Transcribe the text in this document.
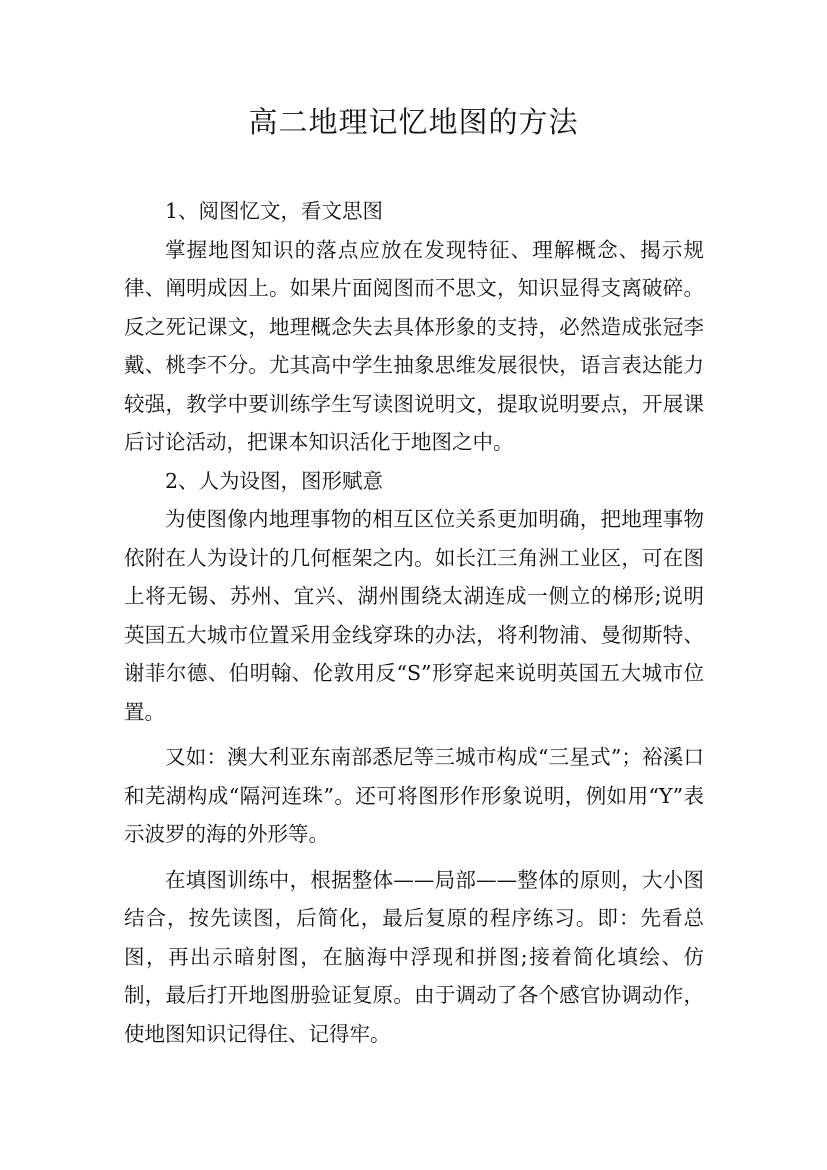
高二地理记忆地图的方法

1、阅图忆文，看文思图

掌握地图知识的落点应放在发现特征、理解概念、揭示规律、阐明成因上。如果片面阅图而不思文，知识显得支离破碎。反之死记课文，地理概念失去具体形象的支持，必然造成张冠李戴、桃李不分。尤其高中学生抽象思维发展很快，语言表达能力较强，教学中要训练学生写读图说明文，提取说明要点，开展课后讨论活动，把课本知识活化于地图之中。

2、人为设图，图形赋意

为使图像内地理事物的相互区位关系更加明确，把地理事物依附在人为设计的几何框架之内。如长江三角洲工业区，可在图上将无锡、苏州、宜兴、湖州围绕太湖连成一侧立的梯形;说明英国五大城市位置采用金线穿珠的办法，将利物浦、曼彻斯特、谢菲尔德、伯明翰、伦敦用反“S”形穿起来说明英国五大城市位置。

又如：澳大利亚东南部悉尼等三城市构成“三星式”；裕溪口和芜湖构成“隔河连珠”。还可将图形作形象说明，例如用“Y”表示波罗的海的外形等。

在填图训练中，根据整体——局部——整体的原则，大小图结合，按先读图，后简化，最后复原的程序练习。即：先看总图，再出示暗射图，在脑海中浮现和拼图;接着简化填绘、仿制，最后打开地图册验证复原。由于调动了各个感官协调动作，使地图知识记得住、记得牢。
